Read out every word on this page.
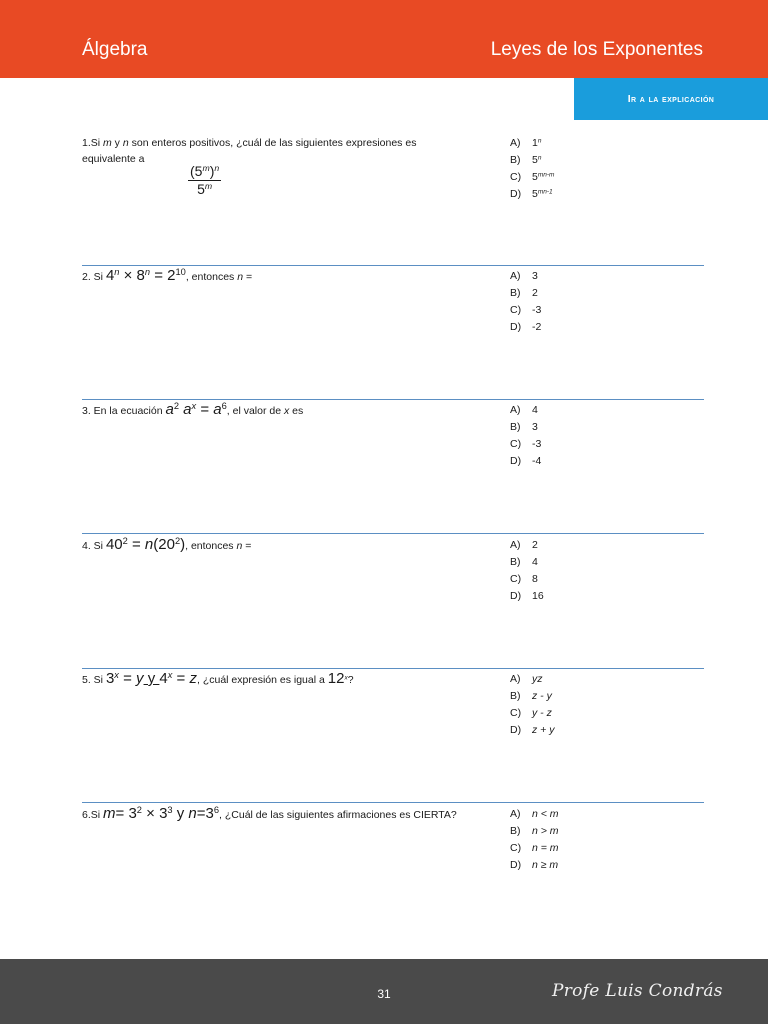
Álgebra	Leyes de los Exponentes
Ir a la explicación
1.Si m y n son enteros positivos, ¿cuál de las siguientes expresiones es equivalente a
$\frac{(5^m)^n}{5^m}$
A) 1$^n$
B) 5$^n$
C) $5^{mn-m}$
D) $5^{mn-1}$
2. Si $4^n \times 8^n = 2^{10}$, entonces n =	A) 3
B) 2
C) -3
D) -2
3. En la ecuación $a^2$ $a^x = a^6$, el valor de x es	A) 4
B) 3
C) -3
D) -4
4. Si $40^2 = n(20^2)$, entonces n =	A) 2
B) 4
C) 8
D) 16
5. Si $3^x = y$ y $4^x = z$, ¿cuál expresión es igual a 12$^x$?	A) yz
B) z - y
C) y - z
D) z + y
6.Si $m= 3^2 \times 3^3$ y $n=3^6$, ¿Cuál de las siguientes afirmaciones es CIERTA?	A) n < m
B) n > m
C) n = m
D) n ≥ m
31	Profe Luis Condrás
